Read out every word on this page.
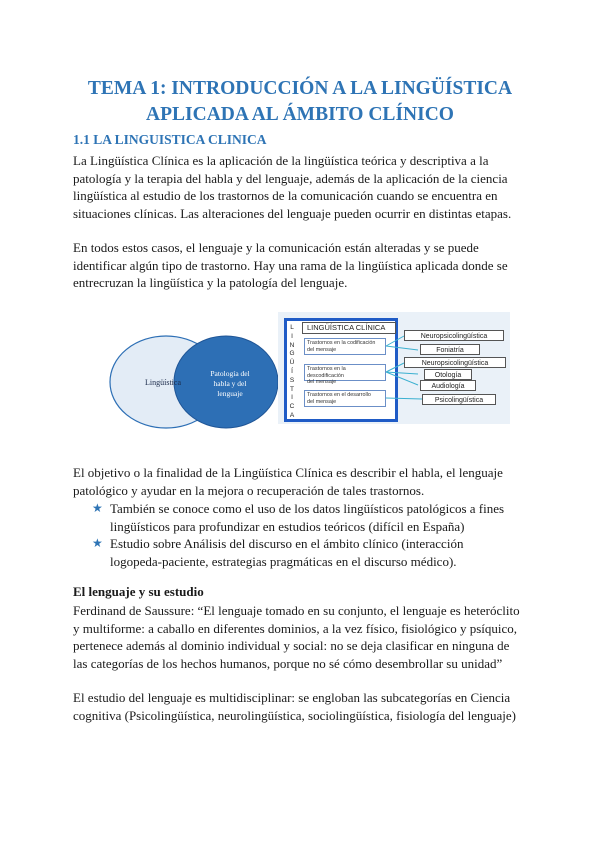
TEMA 1: INTRODUCCIÓN A LA LINGÜÍSTICA
APLICADA AL ÁMBITO CLÍNICO
1.1 LA LINGUISTICA CLINICA
La Lingüística Clínica es la aplicación de la lingüística teórica y descriptiva a la
patología y la terapia del habla y del lenguaje, además de la aplicación de la ciencia
lingüística al estudio de los trastornos de la comunicación cuando se encuentra en
situaciones clínicas. Las alteraciones del lenguaje pueden ocurrir en distintas etapas.
En todos estos casos, el lenguaje y la comunicación están alteradas y se puede
identificar algún tipo de trastorno. Hay una rama de la lingüística aplicada donde se
entrecruzan la lingüística y la patología del lenguaje.
Lingüística
Patología del
habla y del
lenguaje
L
I
N
G
Ü
Í
S
T
I
C
A
LINGÜÍSTICA CLÍNICA
Trastornos en la codificación
del mensaje
Trastornos en la descodificación
del mensaje
Trastornos en el desarrollo
del mensaje
Neuropsicolingüística
Foniatría
Neuropsicolingüística
Otología
Audiología
Psicolingüística
El objetivo o la finalidad de la Lingüística Clínica es describir el habla, el lenguaje
patológico y ayudar en la mejora o recuperación de tales trastornos.
★ También se conoce como el uso de los datos lingüísticos patológicos a fines
lingüísticos para profundizar en estudios teóricos (difícil en España)
★ Estudio sobre Análisis del discurso en el ámbito clínico (interacción
logopeda-paciente, estrategias pragmáticas en el discurso médico).
El lenguaje y su estudio
Ferdinand de Saussure: “El lenguaje tomado en su conjunto, el lenguaje es heteróclito
y multiforme: a caballo en diferentes dominios, a la vez físico, fisiológico y psíquico,
pertenece además al dominio individual y social: no se deja clasificar en ninguna de
las categorías de los hechos humanos, porque no sé cómo desembrollar su unidad”
El estudio del lenguaje es multidisciplinar: se engloban las subcategorías en Ciencia
cognitiva (Psicolingüística, neurolingüística, sociolingüística, fisiología del lenguaje)
